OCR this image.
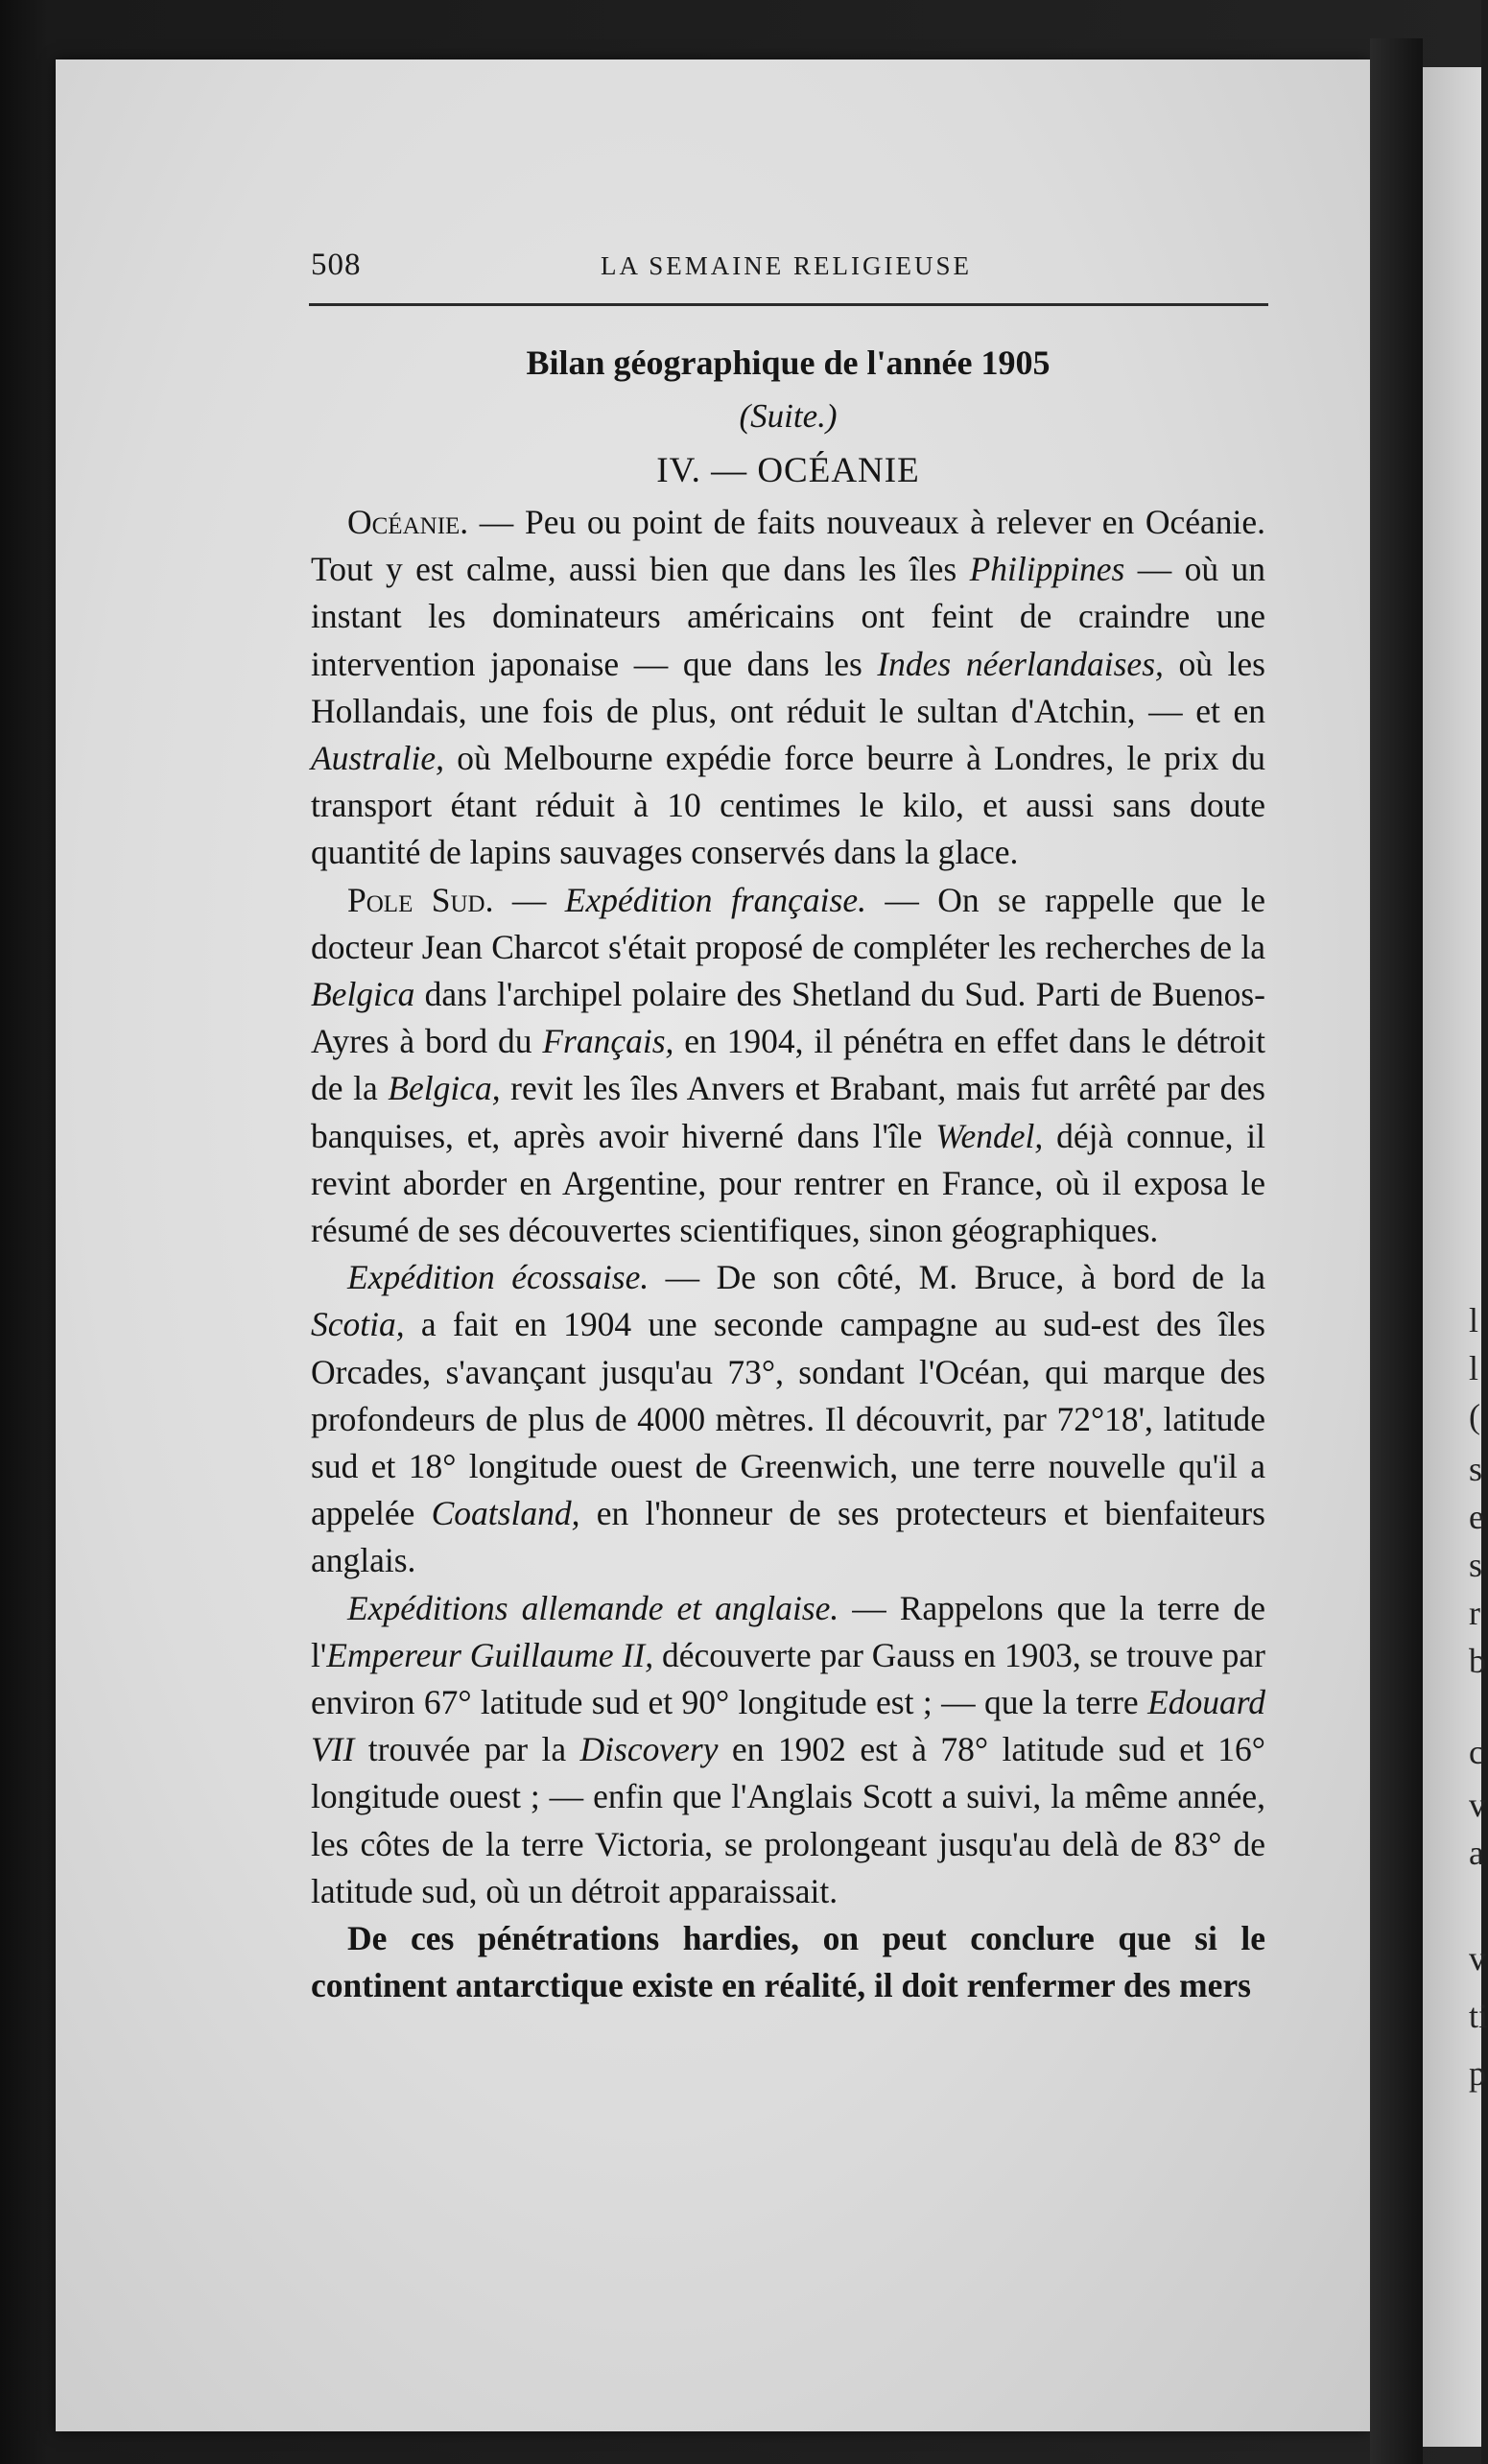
l
l
(
s
e
s
r
b
c
v
a
v
ti
p
508	LA SEMAINE RELIGIEUSE
Bilan géographique de l'année 1905
(Suite.)
IV. — OCÉANIE

Océanie. — Peu ou point de faits nouveaux à relever en Océanie. Tout y est calme, aussi bien que dans les îles Philippines — où un instant les dominateurs américains ont feint de craindre une intervention japonaise — que dans les Indes néerlandaises, où les Hollandais, une fois de plus, ont réduit le sultan d'Atchin, — et en Australie, où Melbourne expédie force beurre à Londres, le prix du transport étant réduit à 10 centimes le kilo, et aussi sans doute quantité de lapins sauvages conservés dans la glace.

Pole Sud. — Expédition française. — On se rappelle que le docteur Jean Charcot s'était proposé de compléter les recherches de la Belgica dans l'archipel polaire des Shetland du Sud. Parti de Buenos-Ayres à bord du Français, en 1904, il pénétra en effet dans le détroit de la Belgica, revit les îles Anvers et Brabant, mais fut arrêté par des banquises, et, après avoir hiverné dans l'île Wendel, déjà connue, il revint aborder en Argentine, pour rentrer en France, où il exposa le résumé de ses découvertes scientifiques, sinon géographiques.

Expédition écossaise. — De son côté, M. Bruce, à bord de la Scotia, a fait en 1904 une seconde campagne au sud-est des îles Orcades, s'avançant jusqu'au 73°, sondant l'Océan, qui marque des profondeurs de plus de 4000 mètres. Il découvrit, par 72°18', latitude sud et 18° longitude ouest de Greenwich, une terre nouvelle qu'il a appelée Coatsland, en l'honneur de ses protecteurs et bienfaiteurs anglais.

Expéditions allemande et anglaise. — Rappelons que la terre de l'Empereur Guillaume II, découverte par Gauss en 1903, se trouve par environ 67° latitude sud et 90° longitude est ; — que la terre Edouard VII trouvée par la Discovery en 1902 est à 78° latitude sud et 16° longitude ouest ; — enfin que l'Anglais Scott a suivi, la même année, les côtes de la terre Victoria, se prolongeant jusqu'au delà de 83° de latitude sud, où un détroit apparaissait.

De ces pénétrations hardies, on peut conclure que si le continent antarctique existe en réalité, il doit renfermer des mers
